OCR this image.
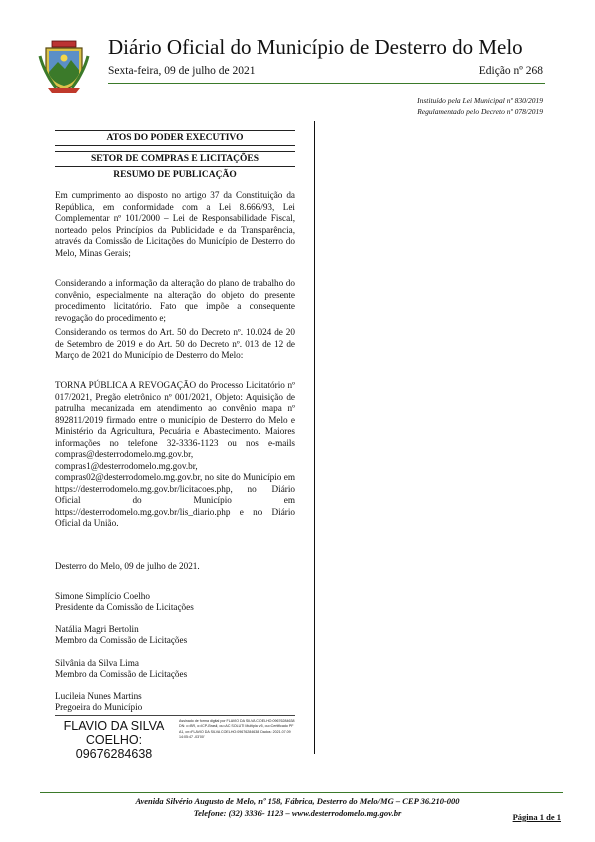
Diário Oficial do Município de Desterro do Melo
Sexta-feira, 09 de julho de 2021	Edição nº 268
Instituído pela Lei Municipal nº 830/2019
Regulamentado pelo Decreto nº 078/2019
ATOS DO PODER EXECUTIVO
SETOR DE COMPRAS E LICITAÇÕES
RESUMO DE PUBLICAÇÃO

Em cumprimento ao disposto no artigo 37 da Constituição da República, em conformidade com a Lei 8.666/93, Lei Complementar nº 101/2000 – Lei de Responsabilidade Fiscal, norteado pelos Princípios da Publicidade e da Transparência, através da Comissão de Licitações do Município de Desterro do Melo, Minas Gerais;

Considerando a informação da alteração do plano de trabalho do convênio, especialmente na alteração do objeto do presente procedimento licitatório. Fato que impõe a consequente revogação do procedimento e;

Considerando os termos do Art. 50 do Decreto nº. 10.024 de 20 de Setembro de 2019 e do Art. 50 do Decreto nº. 013 de 12 de Março de 2021 do Município de Desterro do Melo:

TORNA PÚBLICA A REVOGAÇÃO do Processo Licitatório nº 017/2021, Pregão eletrônico nº 001/2021, Objeto: Aquisição de patrulha mecanizada em atendimento ao convênio mapa nº 892811/2019 firmado entre o município de Desterro do Melo e Ministério da Agricultura, Pecuária e Abastecimento. Maiores informações no telefone 32-3336-1123 ou nos e-mails compras@desterrodomelo.mg.gov.br, compras1@desterrodomelo.mg.gov.br, compras02@desterrodomelo.mg.gov.br, no site do Município em https://desterrodomelo.mg.gov.br/licitacoes.php, no Diário Oficial do Município em https://desterrodomelo.mg.gov.br/lis_diario.php e no Diário Oficial da União.

Desterro do Melo, 09 de julho de 2021.

Simone Simplício Coelho
Presidente da Comissão de Licitações
Natália Magri Bertolin
Membro da Comissão de Licitações
Silvânia da Silva Lima
Membro da Comissão de Licitações
Lucileia Nunes Martins
Pregoeira do Município
FLAVIO DA SILVA
COELHO:
09676284638
Assinado de forma digital por FLAVIO DA SILVA COELHO:09676284638 DN: c=BR, o=ICP-Brasil, ou=AC SOLUTI Multipla v5, ou=Certificado PF A1, cn=FLAVIO DA SILVA COELHO:09676284638 Dados: 2021.07.09 14:05:47 -03'00'
Avenida Silvério Augusto de Melo, nº 158, Fábrica, Desterro do Melo/MG – CEP 36.210-000
Telefone: (32) 3336- 1123 – www.desterrodomelo.mg.gov.br	Página 1 de 1
